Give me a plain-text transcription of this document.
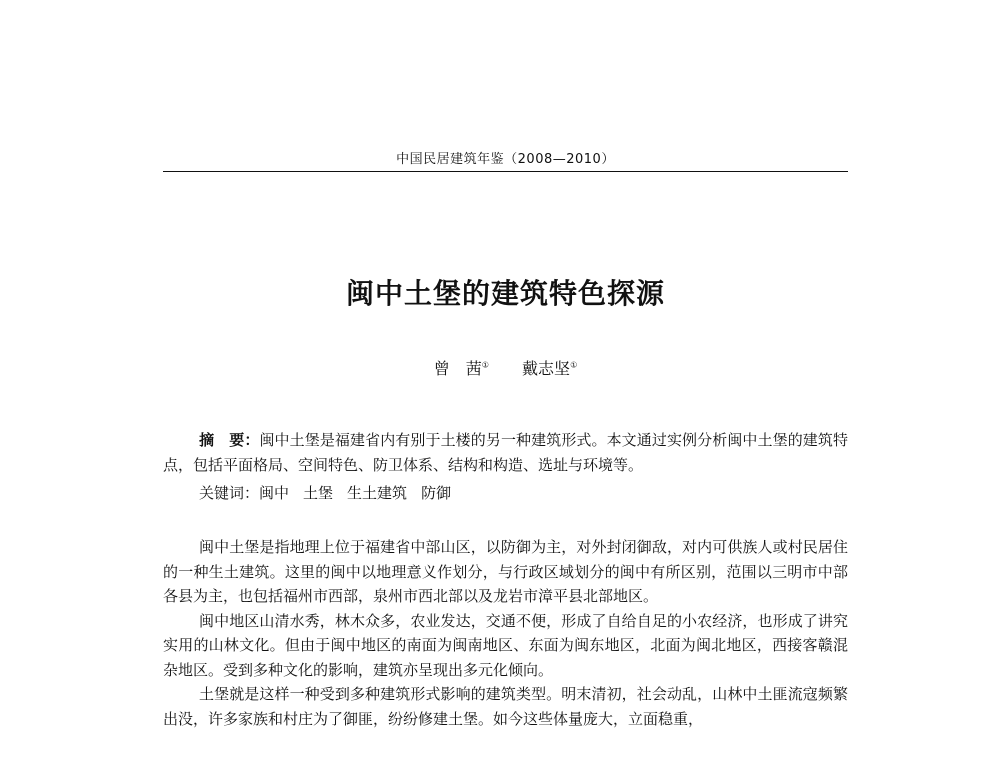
中国民居建筑年鉴（2008—2010）
闽中土堡的建筑特色探源
曾　茜① 戴志坚①
摘　要：闽中土堡是福建省内有别于土楼的另一种建筑形式。本文通过实例分析闽中土堡的建筑特点，包括平面格局、空间特色、防卫体系、结构和构造、选址与环境等。
关键词：闽中 土堡 生土建筑 防御

闽中土堡是指地理上位于福建省中部山区，以防御为主，对外封闭御敌，对内可供族人或村民居住的一种生土建筑。这里的闽中以地理意义作划分，与行政区域划分的闽中有所区别，范围以三明市中部各县为主，也包括福州市西部，泉州市西北部以及龙岩市漳平县北部地区。

闽中地区山清水秀，林木众多，农业发达，交通不便，形成了自给自足的小农经济，也形成了讲究实用的山林文化。但由于闽中地区的南面为闽南地区、东面为闽东地区，北面为闽北地区，西接客赣混杂地区。受到多种文化的影响，建筑亦呈现出多元化倾向。

土堡就是这样一种受到多种建筑形式影响的建筑类型。明末清初，社会动乱，山林中土匪流寇频繁出没，许多家族和村庄为了御匪，纷纷修建土堡。如今这些体量庞大，立面稳重，
